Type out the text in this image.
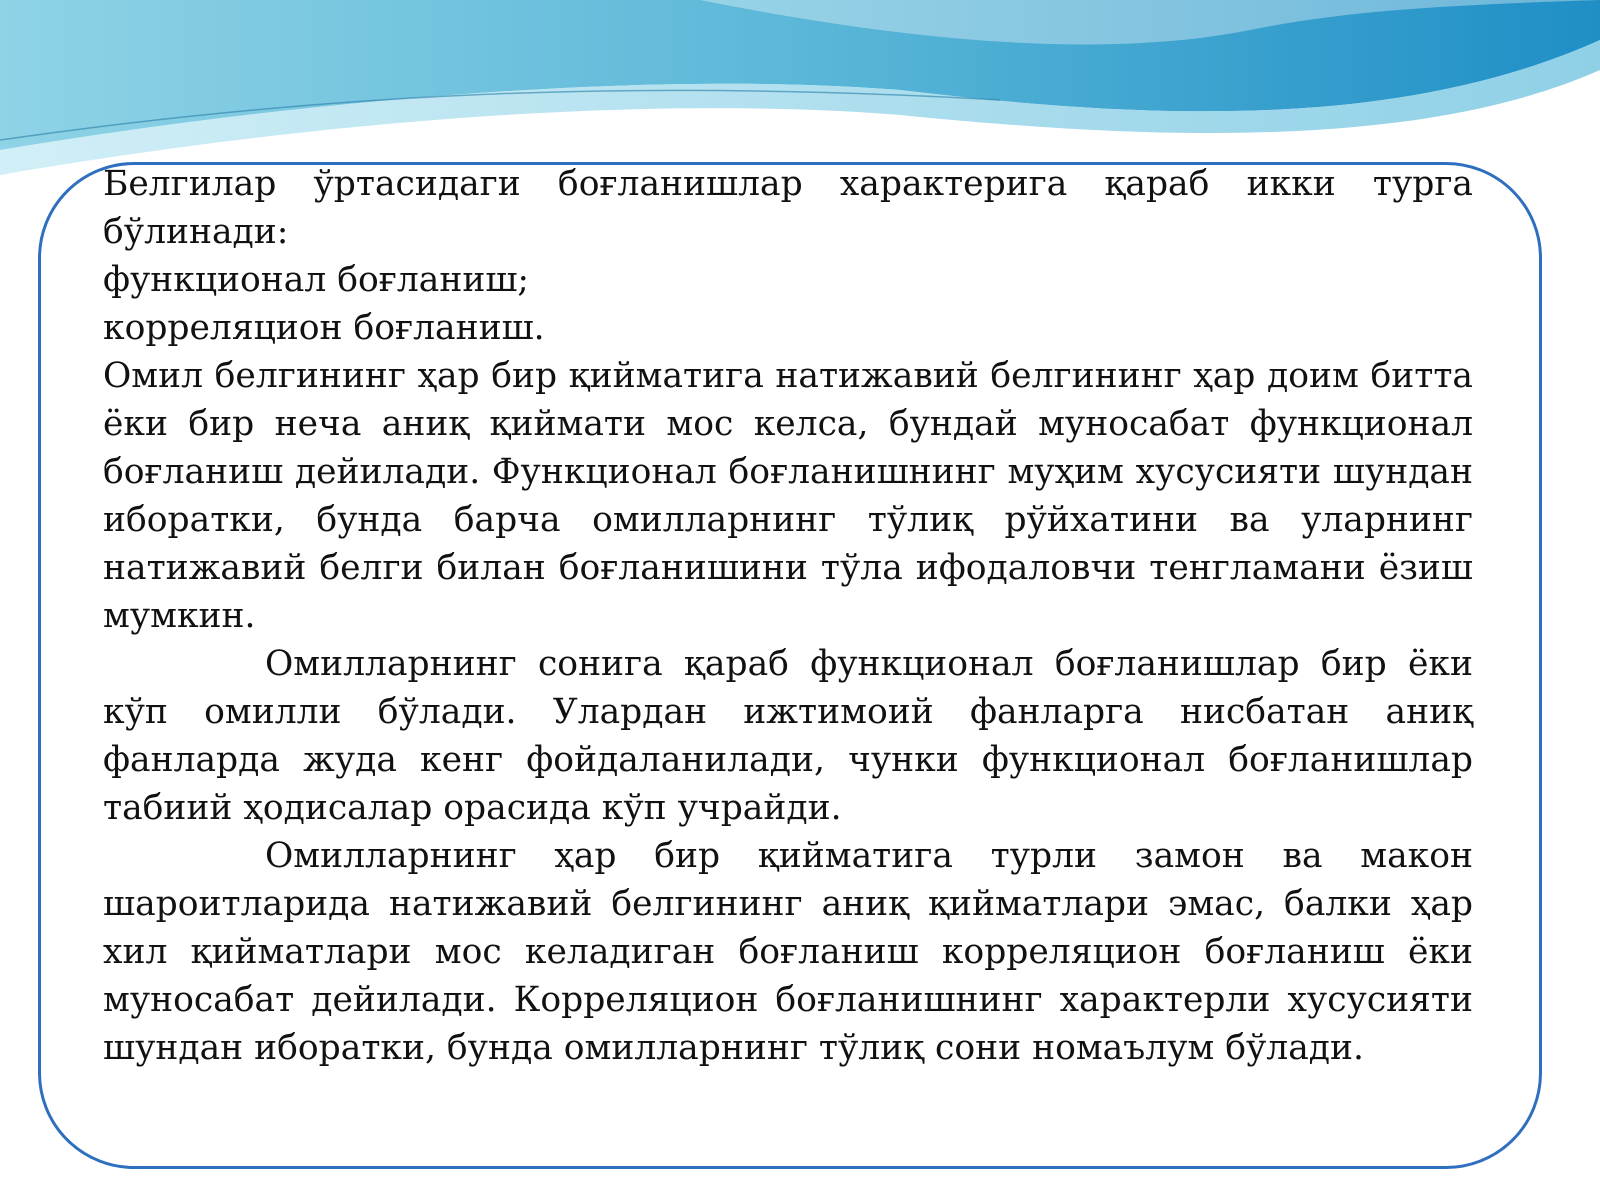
Белгилар ўртасидаги боғланишлар характерига қараб икки турга бўлинади:

функционал боғланиш;

корреляцион боғланиш.

Омил белгининг ҳар бир қийматига натижавий белгининг ҳар доим битта ёки бир неча аниқ қиймати мос келса, бундай муносабат функционал боғланиш дейилади. Функционал боғланишнинг муҳим хусусияти шундан иборатки, бунда барча омилларнинг тўлиқ рўйхатини ва уларнинг натижавий белги билан боғланишини тўла ифодаловчи тенгламани ёзиш мумкин.

Омилларнинг сонига қараб функционал боғланишлар бир ёки кўп омилли бўлади. Улардан ижтимоий фанларга нисбатан аниқ фанларда жуда кенг фойдаланилади, чунки функционал боғланишлар табиий ҳодисалар орасида кўп учрайди.

Омилларнинг ҳар бир қийматига турли замон ва макон шароитларида натижавий белгининг аниқ қийматлари эмас, балки ҳар хил қийматлари мос келадиган боғланиш корреляцион боғланиш ёки муносабат дейилади. Корреляцион боғланишнинг характерли хусусияти шундан иборатки, бунда омилларнинг тўлиқ сони номаълум бўлади.
